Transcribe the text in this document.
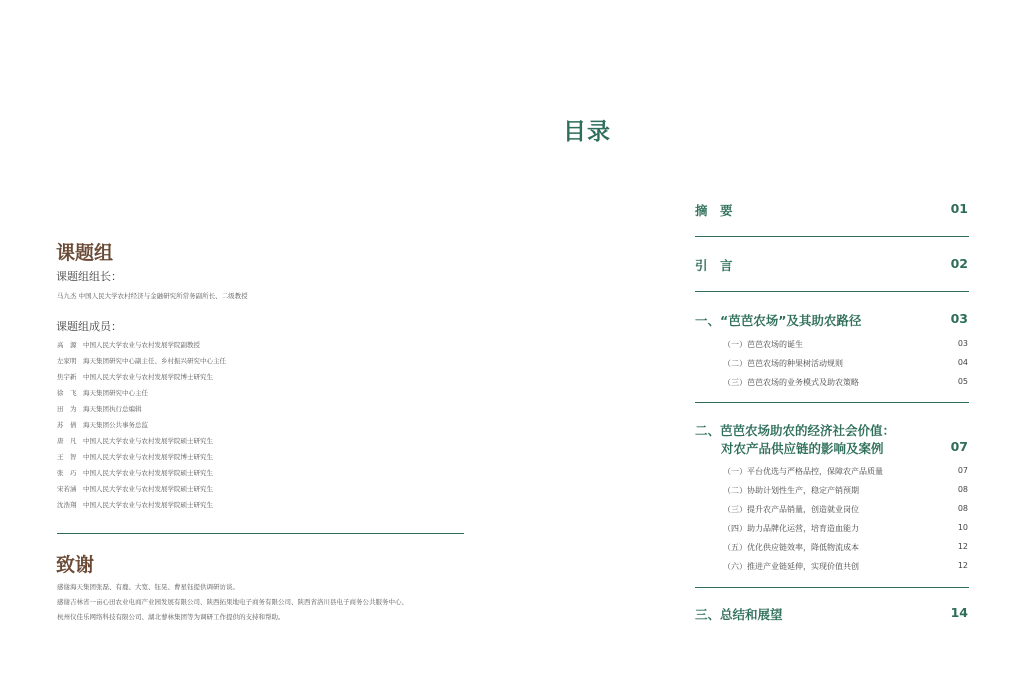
课题组
课题组组长：
马九杰 中国人民大学农村经济与金融研究所常务副所长、二级教授
课题组成员：
高　源 中国人民大学农业与农村发展学院副教授
左家明 海天集团研究中心副主任、乡村振兴研究中心主任
焦宇新 中国人民大学农业与农村发展学院博士研究生
徐　飞 海天集团研究中心主任
田　为 海天集团执行总编辑
苏　倩 海天集团公共事务总监
唐　凡 中国人民大学农业与农村发展学院硕士研究生
王　智 中国人民大学农业与农村发展学院博士研究生
张　巧 中国人民大学农业与农村发展学院硕士研究生
宋若涵 中国人民大学农业与农村发展学院硕士研究生
沈浩翔 中国人民大学农业与农村发展学院硕士研究生
致谢
感谢海天集团张磊、有鹿、大宽、钰晃、曹星钰提供调研访谈。
感谢吉林省一亩心田农业电商产业园发展有限公司、陕西拓果地电子商务有限公司、陕西省洛川县电子商务公共服务中心、
杭州仪佳乐网络科技有限公司、湖北蓼林集团等为调研工作提供的支持和帮助。
目录
摘　要	01
引　言	02
一、“芭芭农场”及其助农路径	03
（一）芭芭农场的诞生	03
（二）芭芭农场的种果树活动规则	04
（三）芭芭农场的业务模式及助农策略	05
二、芭芭农场助农的经济社会价值：
对农产品供应链的影响及案例	07
（一）平台优选与严格品控，保障农产品质量	07
（二）协助计划性生产，稳定产销预期	08
（三）提升农产品销量，创造就业岗位	08
（四）助力品牌化运营，培育造血能力	10
（五）优化供应链效率，降低物流成本	12
（六）推进产业链延伸，实现价值共创	12
三、总结和展望	14
